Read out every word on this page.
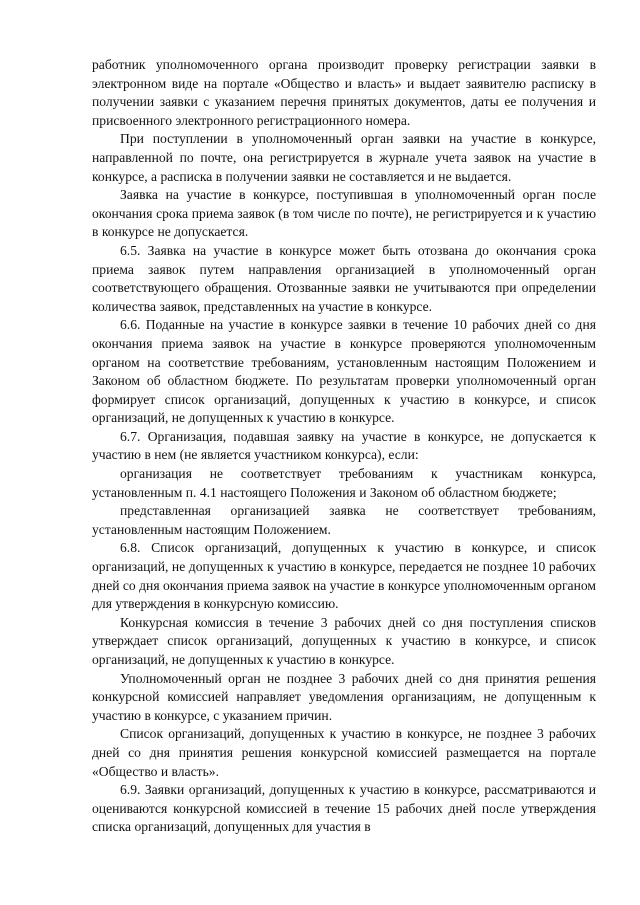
работник уполномоченного органа производит проверку регистрации заявки в электронном виде на портале «Общество и власть» и выдает заявителю расписку в получении заявки с указанием перечня принятых документов, даты ее получения и присвоенного электронного регистрационного номера.

При поступлении в уполномоченный орган заявки на участие в конкурсе, направленной по почте, она регистрируется в журнале учета заявок на участие в конкурсе, а расписка в получении заявки не составляется и не выдается.

Заявка на участие в конкурсе, поступившая в уполномоченный орган после окончания срока приема заявок (в том числе по почте), не регистрируется и к участию в конкурсе не допускается.

6.5. Заявка на участие в конкурсе может быть отозвана до окончания срока приема заявок путем направления организацией в уполномоченный орган соответствующего обращения. Отозванные заявки не учитываются при определении количества заявок, представленных на участие в конкурсе.

6.6. Поданные на участие в конкурсе заявки в течение 10 рабочих дней со дня окончания приема заявок на участие в конкурсе проверяются уполномоченным органом на соответствие требованиям, установленным настоящим Положением и Законом об областном бюджете. По результатам проверки уполномоченный орган формирует список организаций, допущенных к участию в конкурсе, и список организаций, не допущенных к участию в конкурсе.

6.7. Организация, подавшая заявку на участие в конкурсе, не допускается к участию в нем (не является участником конкурса), если:

организация не соответствует требованиям к участникам конкурса, установленным п. 4.1 настоящего Положения и Законом об областном бюджете;

представленная организацией заявка не соответствует требованиям, установленным настоящим Положением.

6.8. Список организаций, допущенных к участию в конкурсе, и список организаций, не допущенных к участию в конкурсе, передается не позднее 10 рабочих дней со дня окончания приема заявок на участие в конкурсе уполномоченным органом для утверждения в конкурсную комиссию.

Конкурсная комиссия в течение 3 рабочих дней со дня поступления списков утверждает список организаций, допущенных к участию в конкурсе, и список организаций, не допущенных к участию в конкурсе.

Уполномоченный орган не позднее 3 рабочих дней со дня принятия решения конкурсной комиссией направляет уведомления организациям, не допущенным к участию в конкурсе, с указанием причин.

Список организаций, допущенных к участию в конкурсе, не позднее 3 рабочих дней со дня принятия решения конкурсной комиссией размещается на портале «Общество и власть».

6.9. Заявки организаций, допущенных к участию в конкурсе, рассматриваются и оцениваются конкурсной комиссией в течение 15 рабочих дней после утверждения списка организаций, допущенных для участия в
